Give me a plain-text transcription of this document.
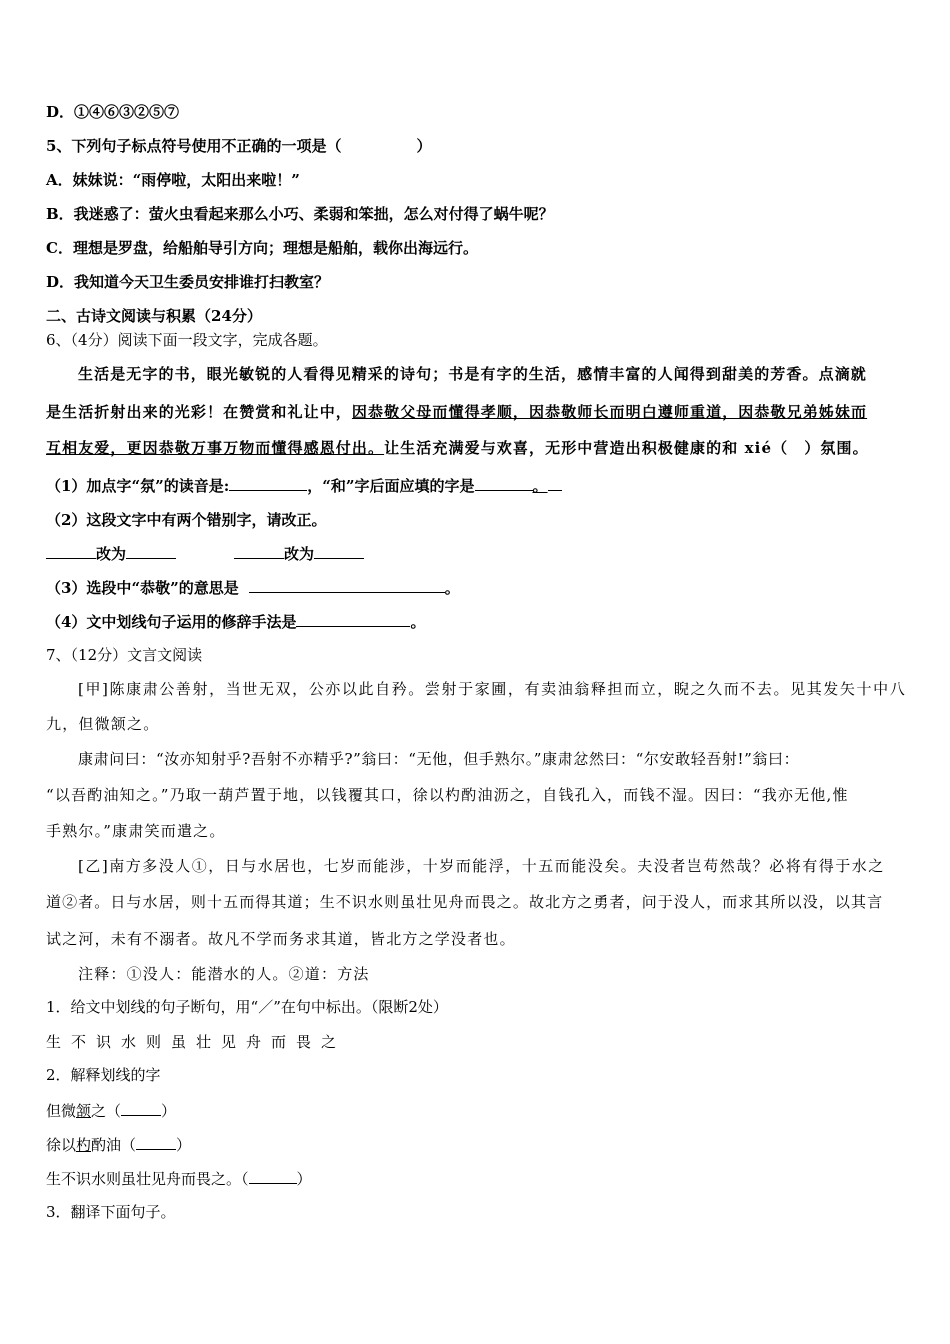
D．①④⑥③②⑤⑦
5、下列句子标点符号使用不正确的一项是（　　　　　）
A．妹妹说：“雨停啦，太阳出来啦！”
B．我迷惑了：萤火虫看起来那么小巧、柔弱和笨拙，怎么对付得了蜗牛呢？
C．理想是罗盘，给船舶导引方向；理想是船舶，载你出海远行。
D．我知道今天卫生委员安排谁打扫教室？
二、古诗文阅读与积累（24分）
6、（4分）阅读下面一段文字，完成各题。
生活是无字的书，眼光敏锐的人看得见精采的诗句；书是有字的生活，感情丰富的人闻得到甜美的芳香。点滴就
是生活折射出来的光彩！在赞赏和礼让中，因恭敬父母而懂得孝顺，因恭敬师长而明白遵师重道，因恭敬兄弟姊妹而
互相友爱，更因恭敬万事万物而懂得感恩付出。让生活充满爱与欢喜，无形中营造出积极健康的和 xié（　）氛围。
（1）加点字“氛”的读音是:	，“和”字后面应填的字是	。
（2）这段文字中有两个错别字，请改正。
改为	改为
（3）选段中“恭敬”的意思是	。
（4）文中划线句子运用的修辞手法是	。
7、（12分）文言文阅读
[甲]陈康肃公善射，当世无双，公亦以此自矜。尝射于家圃，有卖油翁释担而立，睨之久而不去。见其发矢十中八
九，但微颔之。
康肃问曰：“汝亦知射乎?吾射不亦精乎?”翁曰：“无他，但手熟尔。”康肃忿然曰：“尔安敢轻吾射!”翁曰：
“以吾酌油知之。”乃取一葫芦置于地，以钱覆其口，徐以杓酌油沥之，自钱孔入，而钱不湿。因曰：“我亦无他,惟
手熟尔。”康肃笑而遣之。
[乙]南方多没人①，日与水居也，七岁而能涉，十岁而能浮，十五而能没矣。夫没者岂苟然哉？必将有得于水之
道②者。日与水居，则十五而得其道；生不识水则虽壮见舟而畏之。故北方之勇者，问于没人，而求其所以没，以其言
试之河，未有不溺者。故凡不学而务求其道，皆北方之学没者也。
注释：①没人：能潜水的人。②道：方法
1．给文中划线的句子断句，用“／”在句中标出。（限断2处）
生不识水则虽壮见舟而畏之
2．解释划线的字
但微颔之（	）
徐以杓酌油（	）
生不识水则虽壮见舟而畏之。（	）
3．翻译下面句子。
